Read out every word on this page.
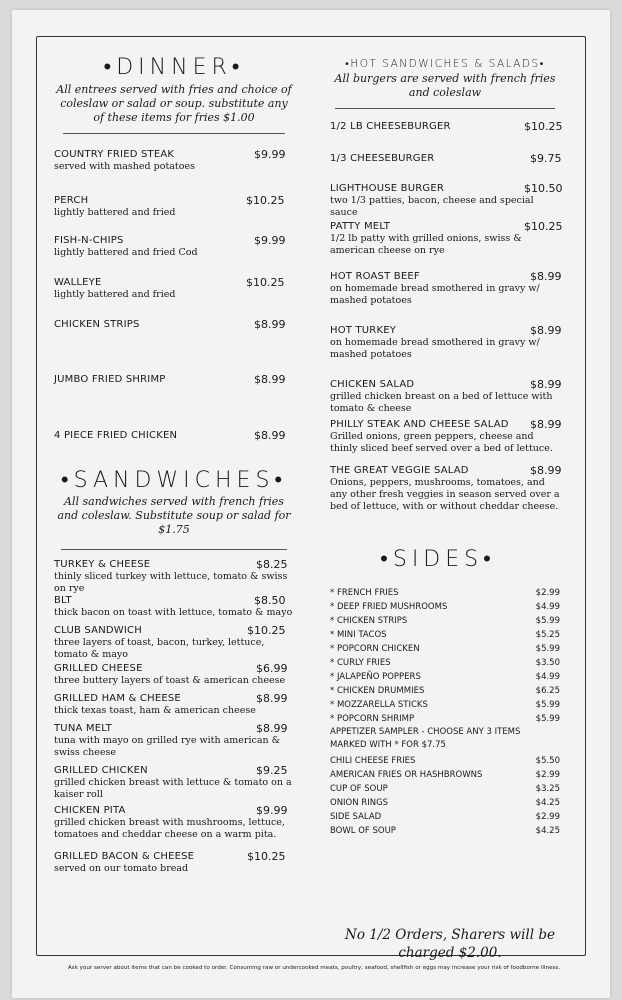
•DINNER•
All entrees served with fries and choice of coleslaw or salad or soup. substitute any of these items for fries $1.00
COUNTRY FRIED STEAK	$9.99
served with mashed potatoes
PERCH	$10.25
lightly battered and fried
FISH-N-CHIPS	$9.99
lightly battered and fried Cod
WALLEYE	$10.25
lightly battered and fried
CHICKEN STRIPS	$8.99
JUMBO FRIED SHRIMP	$8.99
4 PIECE FRIED CHICKEN	$8.99
•SANDWICHES•
All sandwiches served with french fries and coleslaw. Substitute soup or salad for $1.75
TURKEY & CHEESE	$8.25
thinly sliced turkey with lettuce, tomato & swiss on rye
BLT	$8.50
thick bacon on toast with lettuce, tomato & mayo
CLUB SANDWICH	$10.25
three layers of toast, bacon, turkey, lettuce, tomato & mayo
GRILLED CHEESE	$6.99
three buttery layers of toast & american cheese
GRILLED HAM & CHEESE	$8.99
thick texas toast, ham & american cheese
TUNA MELT	$8.99
tuna with mayo on grilled rye with american & swiss cheese
GRILLED CHICKEN	$9.25
grilled chicken breast with lettuce & tomato on a kaiser roll
CHICKEN PITA	$9.99
grilled chicken breast with mushrooms, lettuce, tomatoes and cheddar cheese on a warm pita.
GRILLED BACON & CHEESE	$10.25
served on our tomato bread
•HOT SANDWICHES & SALADS•
All burgers are served with french fries and coleslaw
1/2 LB CHEESEBURGER	$10.25
1/3 CHEESEBURGER	$9.75
LIGHTHOUSE BURGER	$10.50
two 1/3 patties, bacon, cheese and special sauce
PATTY MELT	$10.25
1/2 lb patty with grilled onions, swiss & american cheese on rye
HOT ROAST BEEF	$8.99
on homemade bread smothered in gravy w/ mashed potatoes
HOT TURKEY	$8.99
on homemade bread smothered in gravy w/ mashed potatoes
CHICKEN SALAD	$8.99
grilled chicken breast on a bed of lettuce with tomato & cheese
PHILLY STEAK AND CHEESE SALAD	$8.99
Grilled onions, green peppers, cheese and thinly sliced beef served over a bed of lettuce.
THE GREAT VEGGIE SALAD	$8.99
Onions, peppers, mushrooms, tomatoes, and any other fresh veggies in season served over a bed of lettuce, with or without cheddar cheese.
•SIDES•
* FRENCH FRIES	$2.99
* DEEP FRIED MUSHROOMS	$4.99
* CHICKEN STRIPS	$5.99
* MINI TACOS	$5.25
* POPCORN CHICKEN	$5.99
* CURLY FRIES	$3.50
* JALAPEÑO POPPERS	$4.99
* CHICKEN DRUMMIES	$6.25
* MOZZARELLA STICKS	$5.99
* POPCORN SHRIMP	$5.99
APPETIZER SAMPLER - CHOOSE ANY 3 ITEMS MARKED WITH * FOR $7.75
CHILI CHEESE FRIES	$5.50
AMERICAN FRIES OR HASHBROWNS	$2.99
CUP OF SOUP	$3.25
ONION RINGS	$4.25
SIDE SALAD	$2.99
BOWL OF SOUP	$4.25
No 1/2 Orders, Sharers will be charged $2.00.
Ask your server about items that can be cooked to order. Consuming raw or undercooked meats, poultry, seafood, shellfish or eggs may increase your risk of foodborne illness.
